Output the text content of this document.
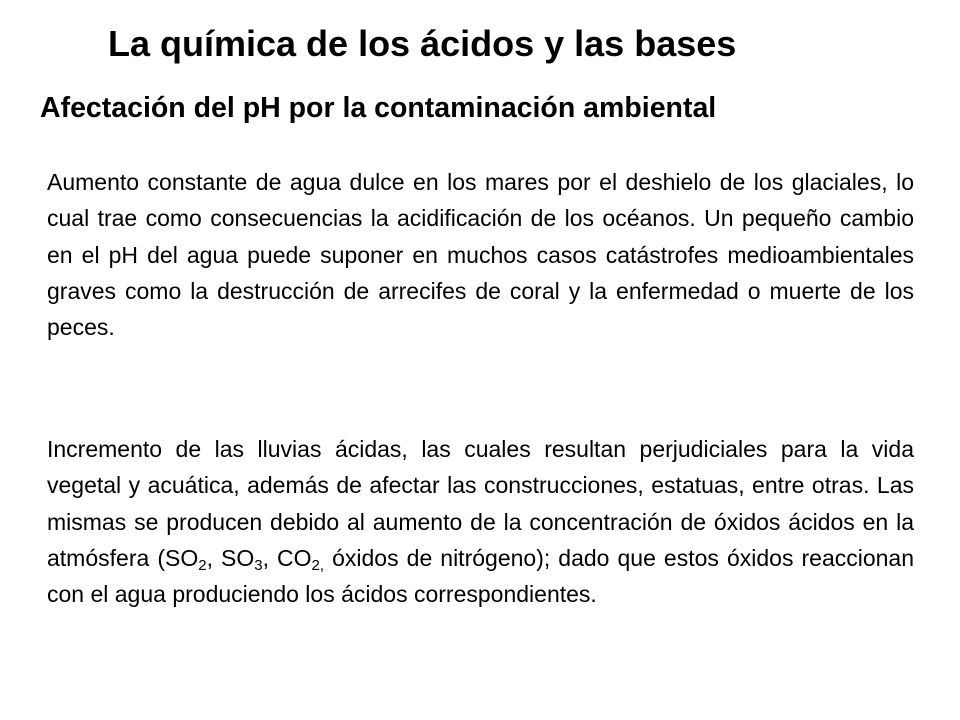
La química de los ácidos y las bases
Afectación del pH por la contaminación ambiental

Aumento constante de agua dulce en los mares por el deshielo de los glaciales, lo cual trae como consecuencias la acidificación de los océanos. Un pequeño cambio en el pH del agua puede suponer en muchos casos catástrofes medioambientales graves como la destrucción de arrecifes de coral y la enfermedad o muerte de los peces.

Incremento de las lluvias ácidas, las cuales resultan perjudiciales para la vida vegetal y acuática, además de afectar las construcciones, estatuas, entre otras. Las mismas se producen debido al aumento de la concentración de óxidos ácidos en la atmósfera ($SO_2$, $SO_3$, $CO_{2,}$ óxidos de nitrógeno); dado que estos óxidos reaccionan con el agua produciendo los ácidos correspondientes.
